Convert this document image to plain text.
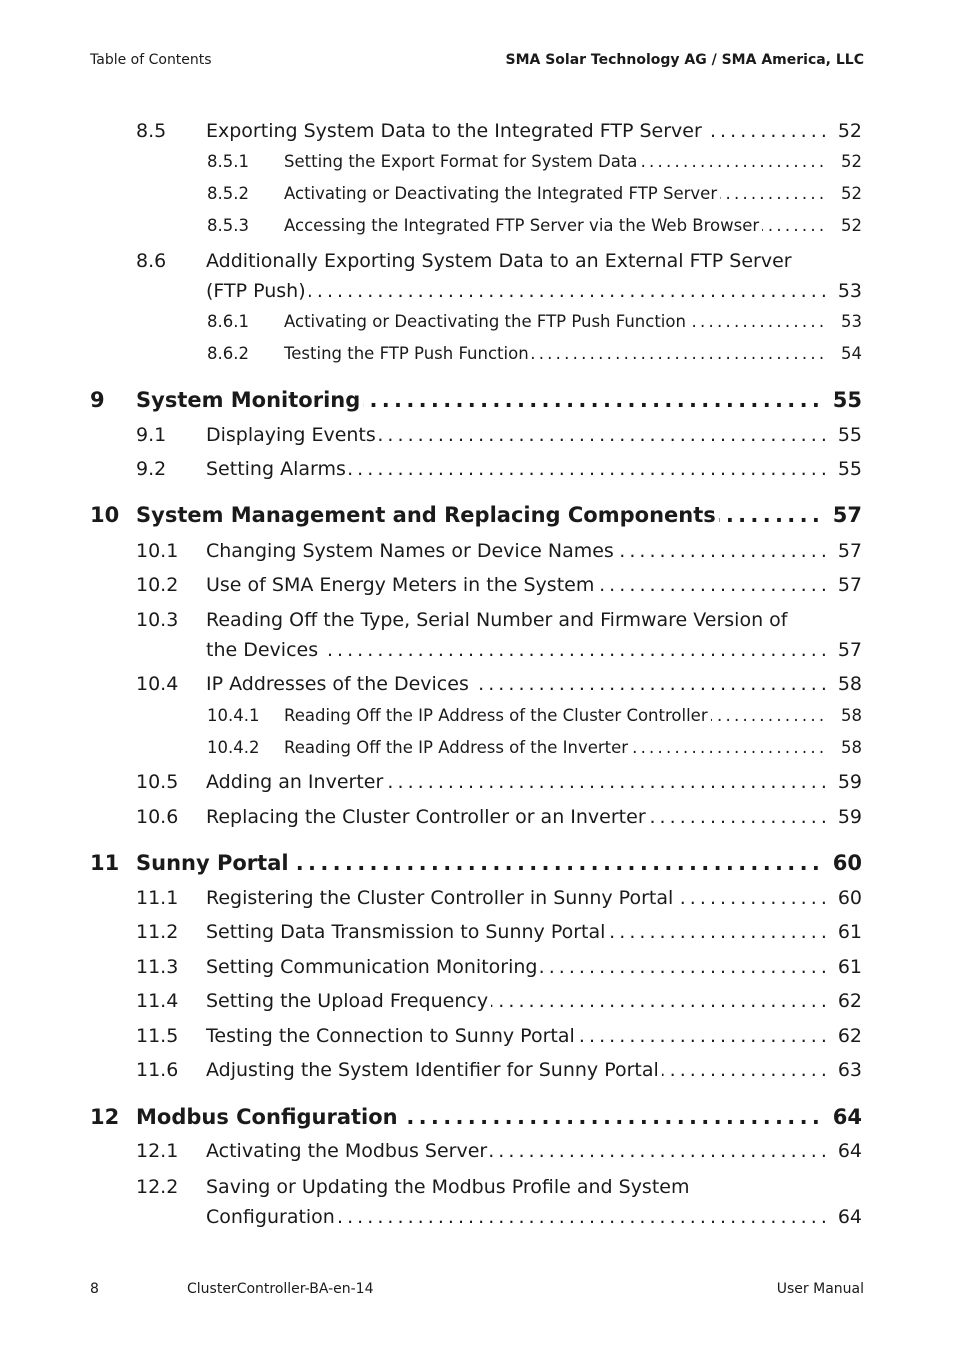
Table of Contents	SMA Solar Technology AG / SMA America, LLC
8.5 . . . Exporting System Data to the Integrated FTP Server	52
8.5.1 . . . Setting the Export Format for System Data	52
8.5.2 . . . Activating or Deactivating the Integrated FTP Server	52
8.5.3 . . . Accessing the Integrated FTP Server via the Web Browser	52
8.6 Additionally Exporting System Data to an External FTP Server
. . .
(FTP Push)	53
8.6.1 . . . Activating or Deactivating the FTP Push Function	53
8.6.2 . . . Testing the FTP Push Function	54
9 . . . System Monitoring	55
9.1 . . . Displaying Events	55
9.2 . . . Setting Alarms	55
10 . . . System Management and Replacing Components	57
10.1 . . . Changing System Names or Device Names	57
10.2 . . . Use of SMA Energy Meters in the System	57
10.3 Reading Off the Type, Serial Number and Firmware Version of
. . .
the Devices	57
10.4 . . . IP Addresses of the Devices	58
10.4.1 . . . Reading Off the IP Address of the Cluster Controller	58
10.4.2 . . . Reading Off the IP Address of the Inverter	58
10.5 . . . Adding an Inverter	59
10.6 . . . Replacing the Cluster Controller or an Inverter	59
11 . . . Sunny Portal	60
11.1 . . . Registering the Cluster Controller in Sunny Portal	60
11.2 . . . Setting Data Transmission to Sunny Portal	61
11.3 . . . Setting Communication Monitoring	61
11.4 . . . Setting the Upload Frequency	62
11.5 . . . Testing the Connection to Sunny Portal	62
11.6 . . . Adjusting the System Identifier for Sunny Portal	63
12 . . . Modbus Configuration	64
12.1 . . . Activating the Modbus Server	64
12.2 Saving or Updating the Modbus Profile and System
. . .
Configuration	64
8	ClusterController-BA-en-14	User Manual
